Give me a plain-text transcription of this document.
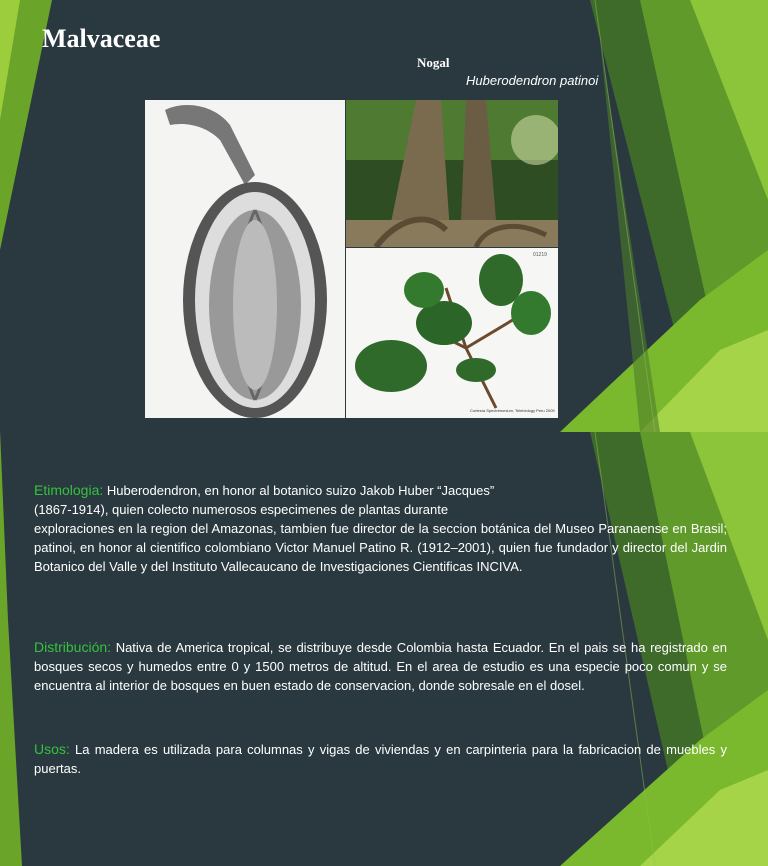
Malvaceae
Nogal
Huberodendron patinoi
01219
Cortesía Spectrimonium, Telebiology Peru 2009

Etimologia: Huberodendron, en honor al botanico suizo Jakob Huber “Jacques”
(1867-1914), quien colecto numerosos especimenes de plantas durante
exploraciones en la region del Amazonas, tambien fue director de la seccion botánica del Museo Paranaense en Brasil; patinoi, en honor al cientifico colombiano Victor Manuel Patino R. (1912–2001), quien fue fundador y director del Jardin Botanico del Valle y del Instituto Vallecaucano de Investigaciones Cientificas INCIVA.

Distribución: Nativa de America tropical, se distribuye desde Colombia hasta Ecuador. En el pais se ha registrado en bosques secos y humedos entre 0 y 1500 metros de altitud. En el area de estudio es una especie poco comun y se encuentra al interior de bosques en buen estado de conservacion, donde sobresale en el dosel.

Usos: La madera es utilizada para columnas y vigas de viviendas y en carpinteria para la fabricacion de muebles y puertas.
